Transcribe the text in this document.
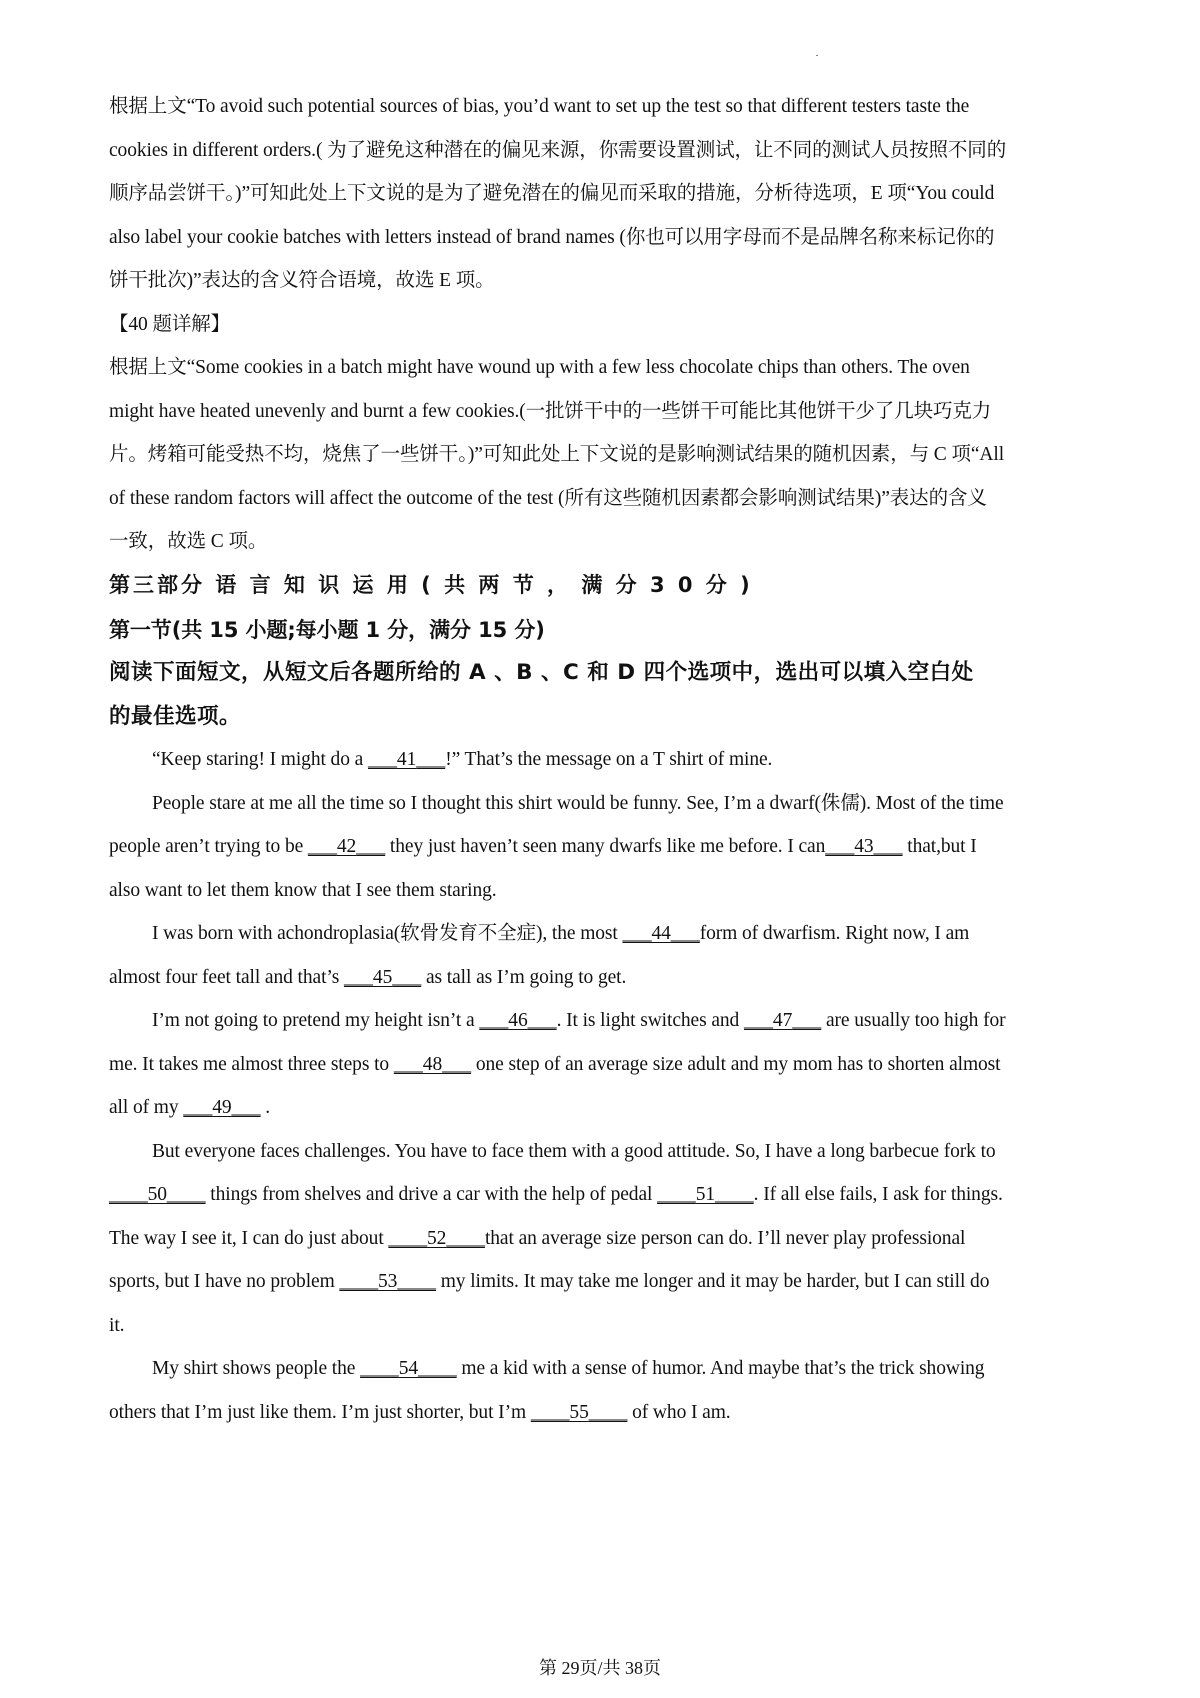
根据上文“To avoid such potential sources of bias, you’d want to set up the test so that different testers taste the
cookies in different orders.( 为了避免这种潜在的偏见来源，你需要设置测试，让不同的测试人员按照不同的
顺序品尝饼干。)”可知此处上下文说的是为了避免潜在的偏见而采取的措施，分析待选项，E 项“You could
also label your cookie batches with letters instead of brand names (你也可以用字母而不是品牌名称来标记你的
饼干批次)”表达的含义符合语境，故选 E 项。
【40 题详解】
根据上文“Some cookies in a batch might have wound up with a few less chocolate chips than others. The oven
might have heated unevenly and burnt a few cookies.(一批饼干中的一些饼干可能比其他饼干少了几块巧克力
片。烤箱可能受热不均，烧焦了一些饼干。)”可知此处上下文说的是影响测试结果的随机因素，与 C 项“All
of these random factors will affect the outcome of the test (所有这些随机因素都会影响测试结果)”表达的含义
一致，故选 C 项。
第三部分 语 言 知 识 运 用 ( 共 两 节 ， 满 分 3 0 分 )
第一节(共 15 小题;每小题 1 分，满分 15 分)
阅读下面短文，从短文后各题所给的 A 、B 、C 和 D 四个选项中，选出可以填入空白处
的最佳选项。
“Keep staring! I might do a ___41___!” That’s the message on a T shirt of mine.
People stare at me all the time so I thought this shirt would be funny. See, I’m a dwarf(侏儒). Most of the time
people aren’t trying to be ___42___ they just haven’t seen many dwarfs like me before. I can___43___ that,but I
also want to let them know that I see them staring.
I was born with achondroplasia(软骨发育不全症), the most ___44___form of dwarfism. Right now, I am
almost four feet tall and that’s ___45___ as tall as I’m going to get.
I’m not going to pretend my height isn’t a ___46___. It is light switches and ___47___ are usually too high for
me. It takes me almost three steps to ___48___ one step of an average size adult and my mom has to shorten almost
all of my ___49___ .
But everyone faces challenges. You have to face them with a good attitude. So, I have a long barbecue fork to
____50____ things from shelves and drive a car with the help of pedal ____51____. If all else fails, I ask for things.
The way I see it, I can do just about ____52____that an average size person can do. I’ll never play professional
sports, but I have no problem ____53____ my limits. It may take me longer and it may be harder, but I can still do
it.
My shirt shows people the ____54____ me a kid with a sense of humor. And maybe that’s the trick showing
others that I’m just like them. I’m just shorter, but I’m ____55____ of who I am.
第 29页/共 38页
